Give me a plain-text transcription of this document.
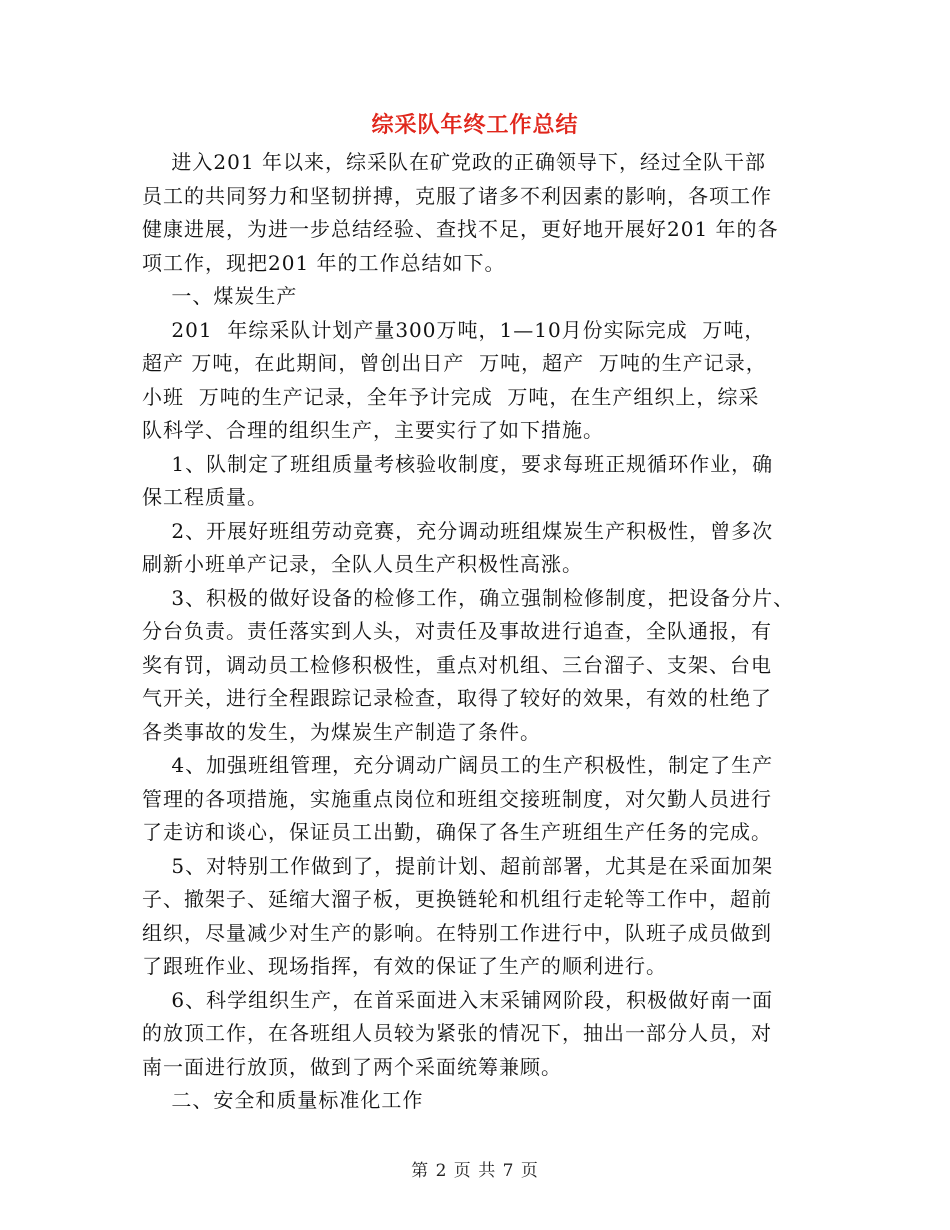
综采队年终工作总结
进入201 年以来，综采队在矿党政的正确领导下，经过全队干部
员工的共同努力和坚韧拼搏，克服了诸多不利因素的影响，各项工作
健康进展，为进一步总结经验、查找不足，更好地开展好201 年的各
项工作，现把201 年的工作总结如下。
一、煤炭生产
201  年综采队计划产量300万吨，1—10月份实际完成  万吨，
超产 万吨，在此期间，曾创出日产  万吨，超产  万吨的生产记录，
小班  万吨的生产记录，全年予计完成  万吨，在生产组织上，综采
队科学、合理的组织生产，主要实行了如下措施。
1、队制定了班组质量考核验收制度，要求每班正规循环作业，确
保工程质量。
2、开展好班组劳动竞赛，充分调动班组煤炭生产积极性，曾多次
刷新小班单产记录，全队人员生产积极性高涨。
3、积极的做好设备的检修工作，确立强制检修制度，把设备分片、
分台负责。责任落实到人头，对责任及事故进行追查，全队通报，有
奖有罚，调动员工检修积极性，重点对机组、三台溜子、支架、台电
气开关，进行全程跟踪记录检查，取得了较好的效果，有效的杜绝了
各类事故的发生，为煤炭生产制造了条件。
4、加强班组管理，充分调动广阔员工的生产积极性，制定了生产
管理的各项措施，实施重点岗位和班组交接班制度，对欠勤人员进行
了走访和谈心，保证员工出勤，确保了各生产班组生产任务的完成。
5、对特别工作做到了，提前计划、超前部署，尤其是在采面加架
子、撤架子、延缩大溜子板，更换链轮和机组行走轮等工作中，超前
组织，尽量减少对生产的影响。在特别工作进行中，队班子成员做到
了跟班作业、现场指挥，有效的保证了生产的顺利进行。
6、科学组织生产，在首采面进入末采铺网阶段，积极做好南一面
的放顶工作，在各班组人员较为紧张的情况下，抽出一部分人员，对
南一面进行放顶，做到了两个采面统筹兼顾。
二、安全和质量标准化工作
第 2 页 共 7 页
